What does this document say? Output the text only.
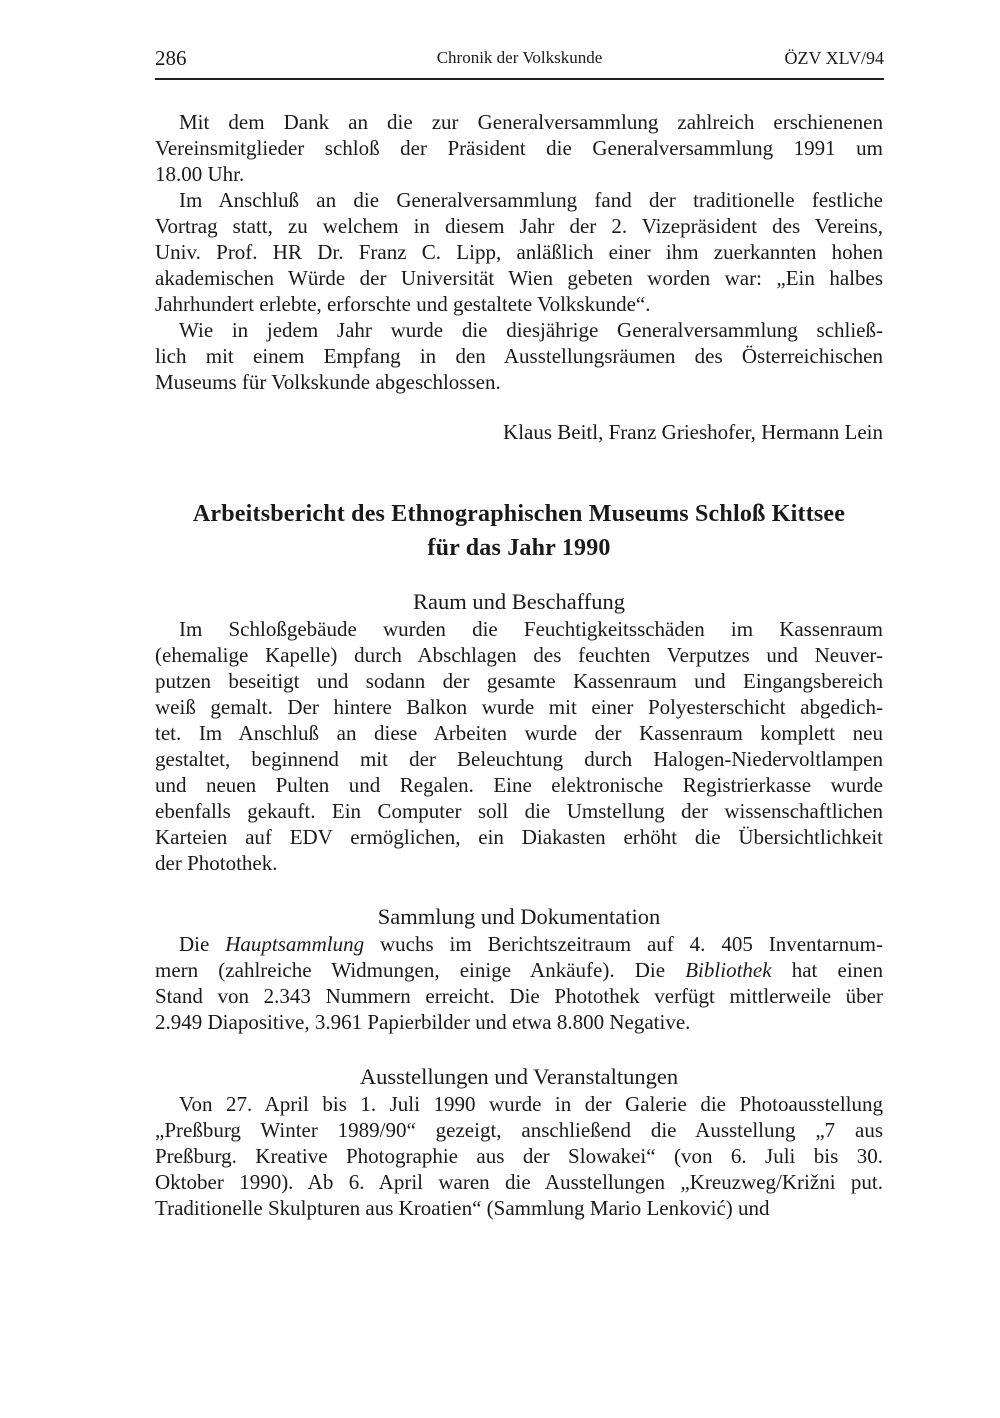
286	Chronik der Volkskunde	ÖZV XLV/94
Mit dem Dank an die zur Generalversammlung zahlreich erschienenen
Vereinsmitglieder schloß der Präsident die Generalversammlung 1991 um
18.00 Uhr.
Im Anschluß an die Generalversammlung fand der traditionelle festliche
Vortrag statt, zu welchem in diesem Jahr der 2. Vizepräsident des Vereins,
Univ. Prof. HR Dr. Franz C. Lipp, anläßlich einer ihm zuerkannten hohen
akademischen Würde der Universität Wien gebeten worden war: „Ein halbes
Jahrhundert erlebte, erforschte und gestaltete Volkskunde“.
Wie in jedem Jahr wurde die diesjährige Generalversammlung schließ-
lich mit einem Empfang in den Ausstellungsräumen des Österreichischen
Museums für Volkskunde abgeschlossen.
Klaus Beitl, Franz Grieshofer, Hermann Lein
Arbeitsbericht des Ethnographischen Museums Schloß Kittsee
für das Jahr 1990
Raum und Beschaffung
Im Schloßgebäude wurden die Feuchtigkeitsschäden im Kassenraum
(ehemalige Kapelle) durch Abschlagen des feuchten Verputzes und Neuver-
putzen beseitigt und sodann der gesamte Kassenraum und Eingangsbereich
weiß gemalt. Der hintere Balkon wurde mit einer Polyesterschicht abgedich-
tet. Im Anschluß an diese Arbeiten wurde der Kassenraum komplett neu
gestaltet, beginnend mit der Beleuchtung durch Halogen-Niedervoltlampen
und neuen Pulten und Regalen. Eine elektronische Registrierkasse wurde
ebenfalls gekauft. Ein Computer soll die Umstellung der wissenschaftlichen
Karteien auf EDV ermöglichen, ein Diakasten erhöht die Übersichtlichkeit
der Photothek.
Sammlung und Dokumentation
Die Hauptsammlung wuchs im Berichtszeitraum auf 4. 405 Inventarnum-
mern (zahlreiche Widmungen, einige Ankäufe). Die Bibliothek hat einen
Stand von 2.343 Nummern erreicht. Die Photothek verfügt mittlerweile über
2.949 Diapositive, 3.961 Papierbilder und etwa 8.800 Negative.
Ausstellungen und Veranstaltungen
Von 27. April bis 1. Juli 1990 wurde in der Galerie die Photoausstellung
„Preßburg Winter 1989/90“ gezeigt, anschließend die Ausstellung „7 aus
Preßburg. Kreative Photographie aus der Slowakei“ (von 6. Juli bis 30.
Oktober 1990). Ab 6. April waren die Ausstellungen „Kreuzweg/Križni put.
Traditionelle Skulpturen aus Kroatien“ (Sammlung Mario Lenković) und
